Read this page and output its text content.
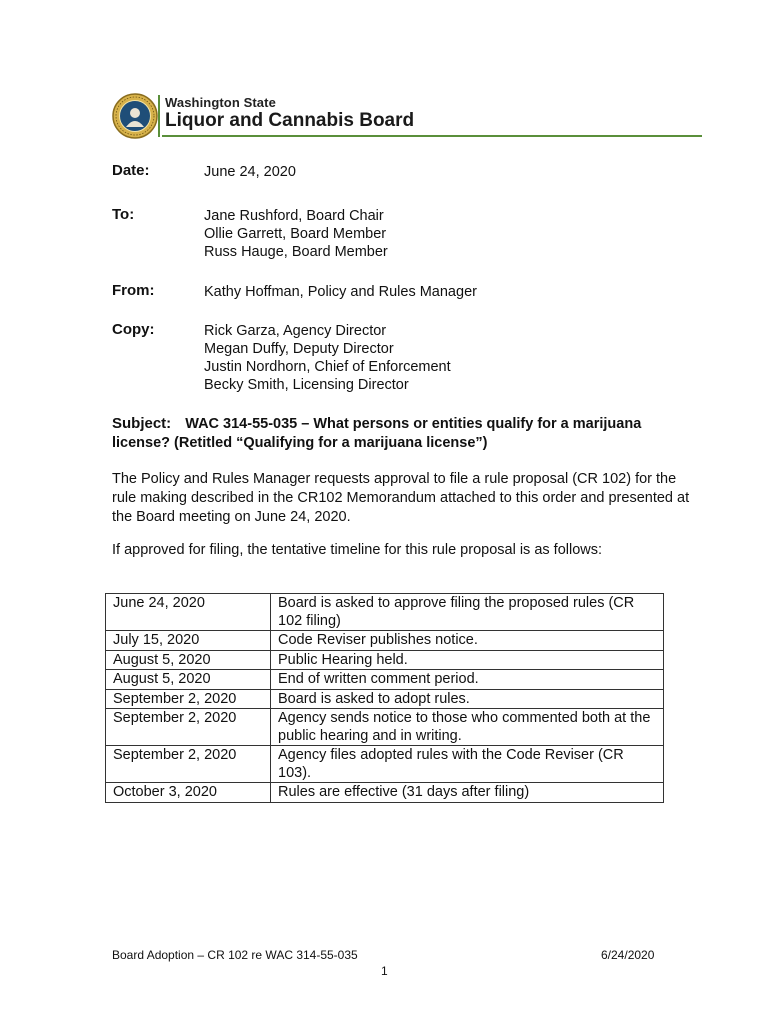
Washington State
Liquor and Cannabis Board
Date:	June 24, 2020
To:	Jane Rushford, Board Chair
Ollie Garrett, Board Member
Russ Hauge, Board Member
From:	Kathy Hoffman, Policy and Rules Manager
Copy:	Rick Garza, Agency Director
Megan Duffy, Deputy Director
Justin Nordhorn, Chief of Enforcement
Becky Smith, Licensing Director
Subject: WAC 314-55-035 – What persons or entities qualify for a marijuana license? (Retitled “Qualifying for a marijuana license”)
The Policy and Rules Manager requests approval to file a rule proposal (CR 102) for the rule making described in the CR102 Memorandum attached to this order and presented at the Board meeting on June 24, 2020.
If approved for filing, the tentative timeline for this rule proposal is as follows:
June 24, 2020	Board is asked to approve filing the proposed rules (CR 102 filing)
July 15, 2020	Code Reviser publishes notice.
August 5, 2020	Public Hearing held.
August 5, 2020	End of written comment period.
September 2, 2020	Board is asked to adopt rules.
September 2, 2020	Agency sends notice to those who commented both at the public hearing and in writing.
September 2, 2020	Agency files adopted rules with the Code Reviser (CR 103).
October 3, 2020	Rules are effective (31 days after filing)
Board Adoption – CR 102 re WAC 314-55-035	6/24/2020
1
